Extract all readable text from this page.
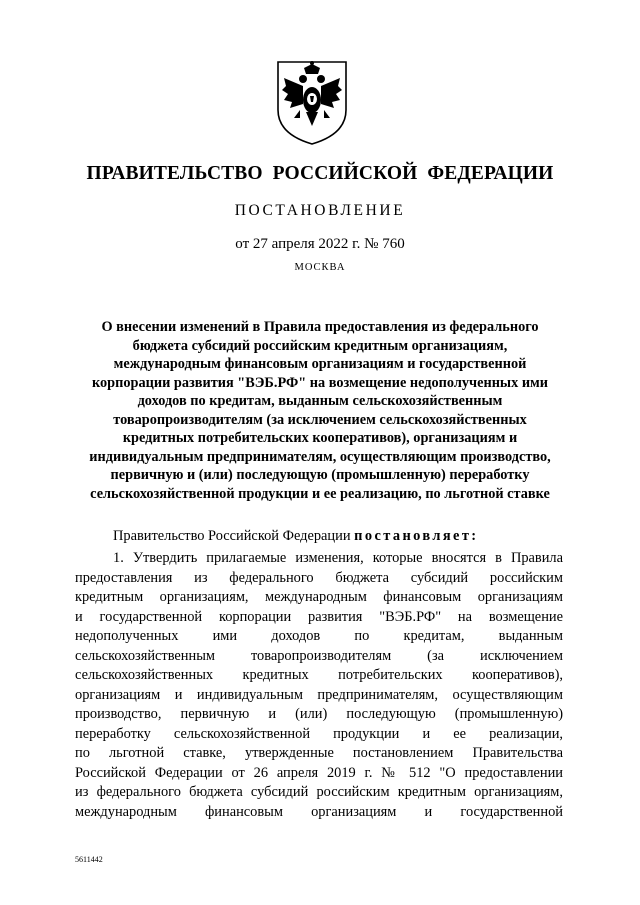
ПРАВИТЕЛЬСТВО РОССИЙСКОЙ ФЕДЕРАЦИИ
ПОСТАНОВЛЕНИЕ
от 27 апреля 2022 г. № 760
МОСКВА
О внесении изменений в Правила предоставления из федерального
бюджета субсидий российским кредитным организациям,
международным финансовым организациям и государственной
корпорации развития "ВЭБ.РФ" на возмещение недополученных ими
доходов по кредитам, выданным сельскохозяйственным
товаропроизводителям (за исключением сельскохозяйственных
кредитных потребительских кооперативов), организациям и
индивидуальным предпринимателям, осуществляющим производство,
первичную и (или) последующую (промышленную) переработку
сельскохозяйственной продукции и ее реализацию, по льготной ставке
Правительство Российской Федерации постановляет:
1. Утвердить прилагаемые изменения, которые вносятся в Правила
предоставления из федерального бюджета субсидий российским
кредитным организациям, международным финансовым организациям
и государственной корпорации развития "ВЭБ.РФ" на возмещение
недополученных ими доходов по кредитам, выданным
сельскохозяйственным товаропроизводителям (за исключением
сельскохозяйственных кредитных потребительских кооперативов),
организациям и индивидуальным предпринимателям, осуществляющим
производство, первичную и (или) последующую (промышленную)
переработку сельскохозяйственной продукции и ее реализации,
по льготной ставке, утвержденные постановлением Правительства
Российской Федерации от 26 апреля 2019 г. № 512 "О предоставлении
из федерального бюджета субсидий российским кредитным организациям,
международным финансовым организациям и государственной
5611442
